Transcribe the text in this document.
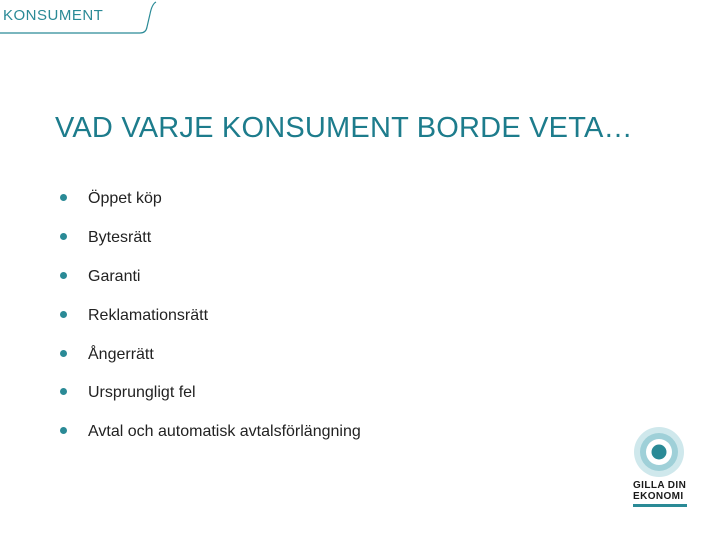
KONSUMENT
VAD VARJE KONSUMENT BORDE VETA…
Öppet köp
Bytesrätt
Garanti
Reklamationsrätt
Ångerrätt
Ursprungligt fel
Avtal och automatisk avtalsförlängning
GILLA DIN
EKONOMI
